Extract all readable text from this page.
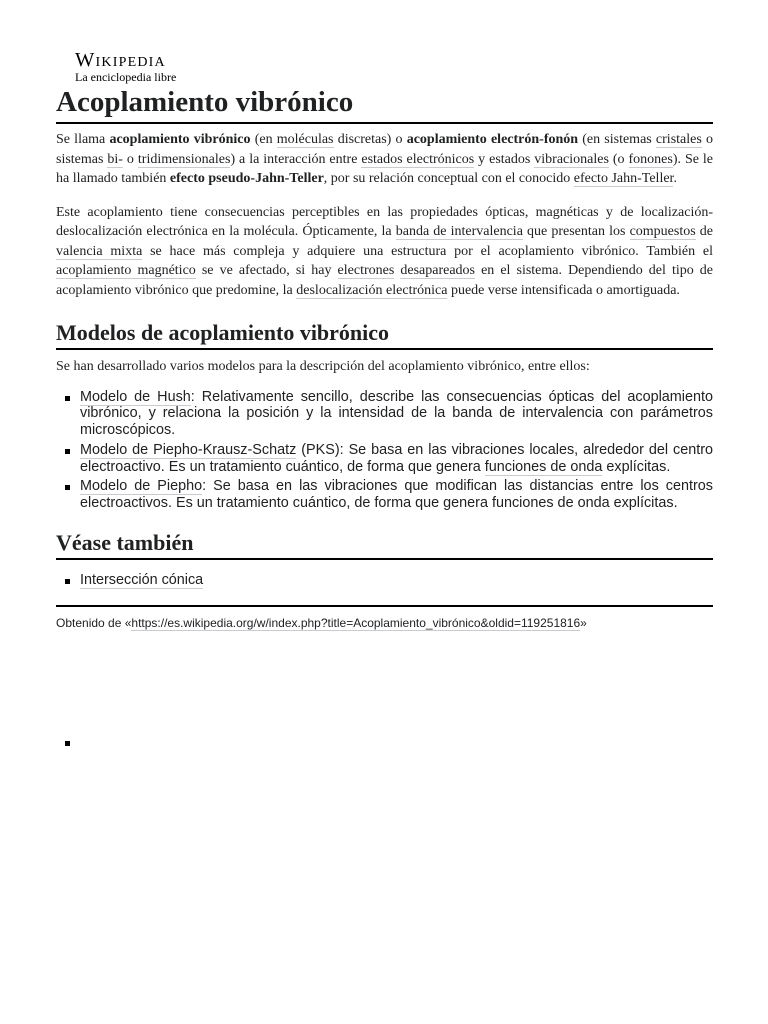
Wikipedia
La enciclopedia libre
Acoplamiento vibrónico

Se llama acoplamiento vibrónico (en moléculas discretas) o acoplamiento electrón-fonón (en sistemas cristales o sistemas bi- o tridimensionales) a la interacción entre estados electrónicos y estados vibracionales (o fonones). Se le ha llamado también efecto pseudo-Jahn-Teller, por su relación conceptual con el conocido efecto Jahn-Teller.

Este acoplamiento tiene consecuencias perceptibles en las propiedades ópticas, magnéticas y de localización-deslocalización electrónica en la molécula. Ópticamente, la banda de intervalencia que presentan los compuestos de valencia mixta se hace más compleja y adquiere una estructura por el acoplamiento vibrónico. También el acoplamiento magnético se ve afectado, si hay electrones desapareados en el sistema. Dependiendo del tipo de acoplamiento vibrónico que predomine, la deslocalización electrónica puede verse intensificada o amortiguada.

Modelos de acoplamiento vibrónico

Se han desarrollado varios modelos para la descripción del acoplamiento vibrónico, entre ellos:

Modelo de Hush: Relativamente sencillo, describe las consecuencias ópticas del acoplamiento vibrónico, y relaciona la posición y la intensidad de la banda de intervalencia con parámetros microscópicos.
Modelo de Piepho-Krausz-Schatz (PKS): Se basa en las vibraciones locales, alrededor del centro electroactivo. Es un tratamiento cuántico, de forma que genera funciones de onda explícitas.
Modelo de Piepho: Se basa en las vibraciones que modifican las distancias entre los centros electroactivos. Es un tratamiento cuántico, de forma que genera funciones de onda explícitas.
Véase también
Intersección cónica
Obtenido de «https://es.wikipedia.org/w/index.php?title=Acoplamiento_vibrónico&oldid=119251816»
